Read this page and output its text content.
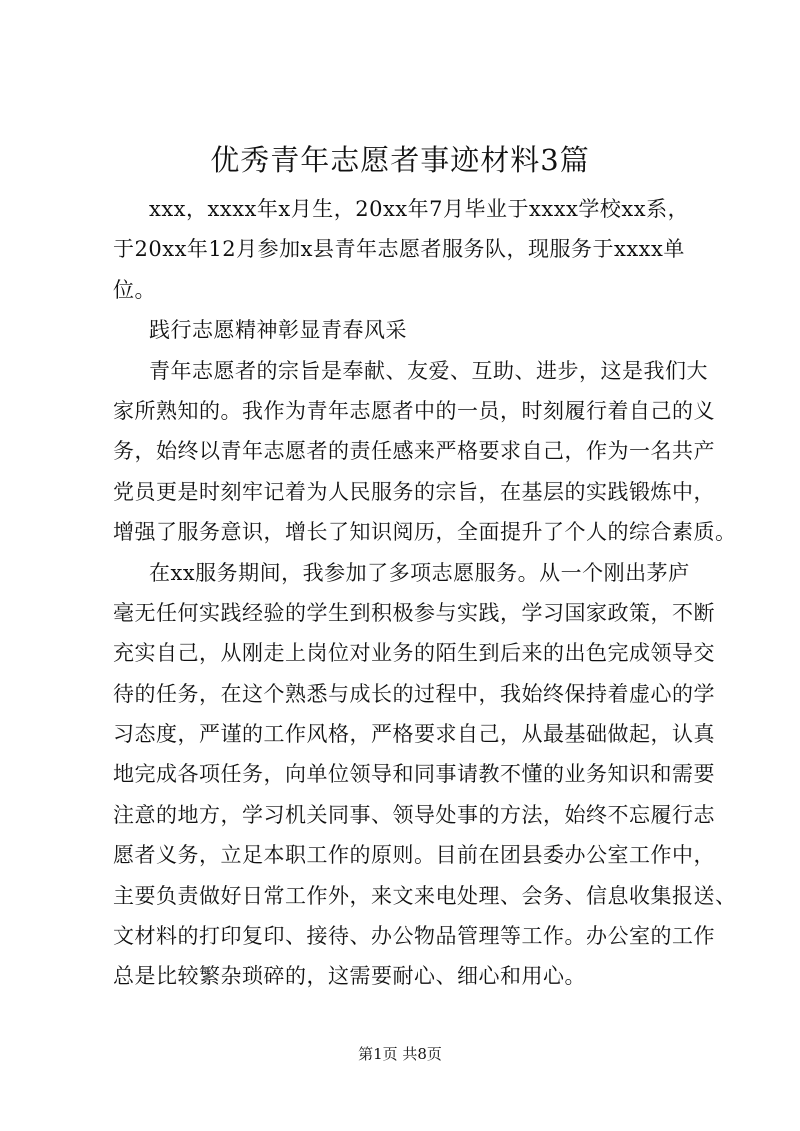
优秀青年志愿者事迹材料3篇
xxx，xxxx年x月生，20xx年7月毕业于xxxx学校xx系，
于20xx年12月参加x县青年志愿者服务队，现服务于xxxx单
位。
践行志愿精神彰显青春风采
青年志愿者的宗旨是奉献、友爱、互助、进步，这是我们大
家所熟知的。我作为青年志愿者中的一员，时刻履行着自己的义
务，始终以青年志愿者的责任感来严格要求自己，作为一名共产
党员更是时刻牢记着为人民服务的宗旨，在基层的实践锻炼中，
增强了服务意识，增长了知识阅历，全面提升了个人的综合素质。
在xx服务期间，我参加了多项志愿服务。从一个刚出茅庐
毫无任何实践经验的学生到积极参与实践，学习国家政策，不断
充实自己，从刚走上岗位对业务的陌生到后来的出色完成领导交
待的任务，在这个熟悉与成长的过程中，我始终保持着虚心的学
习态度，严谨的工作风格，严格要求自己，从最基础做起，认真
地完成各项任务，向单位领导和同事请教不懂的业务知识和需要
注意的地方，学习机关同事、领导处事的方法，始终不忘履行志
愿者义务，立足本职工作的原则。目前在团县委办公室工作中，
主要负责做好日常工作外，来文来电处理、会务、信息收集报送、
文材料的打印复印、接待、办公物品管理等工作。办公室的工作
总是比较繁杂琐碎的，这需要耐心、细心和用心。
第1页 共8页
